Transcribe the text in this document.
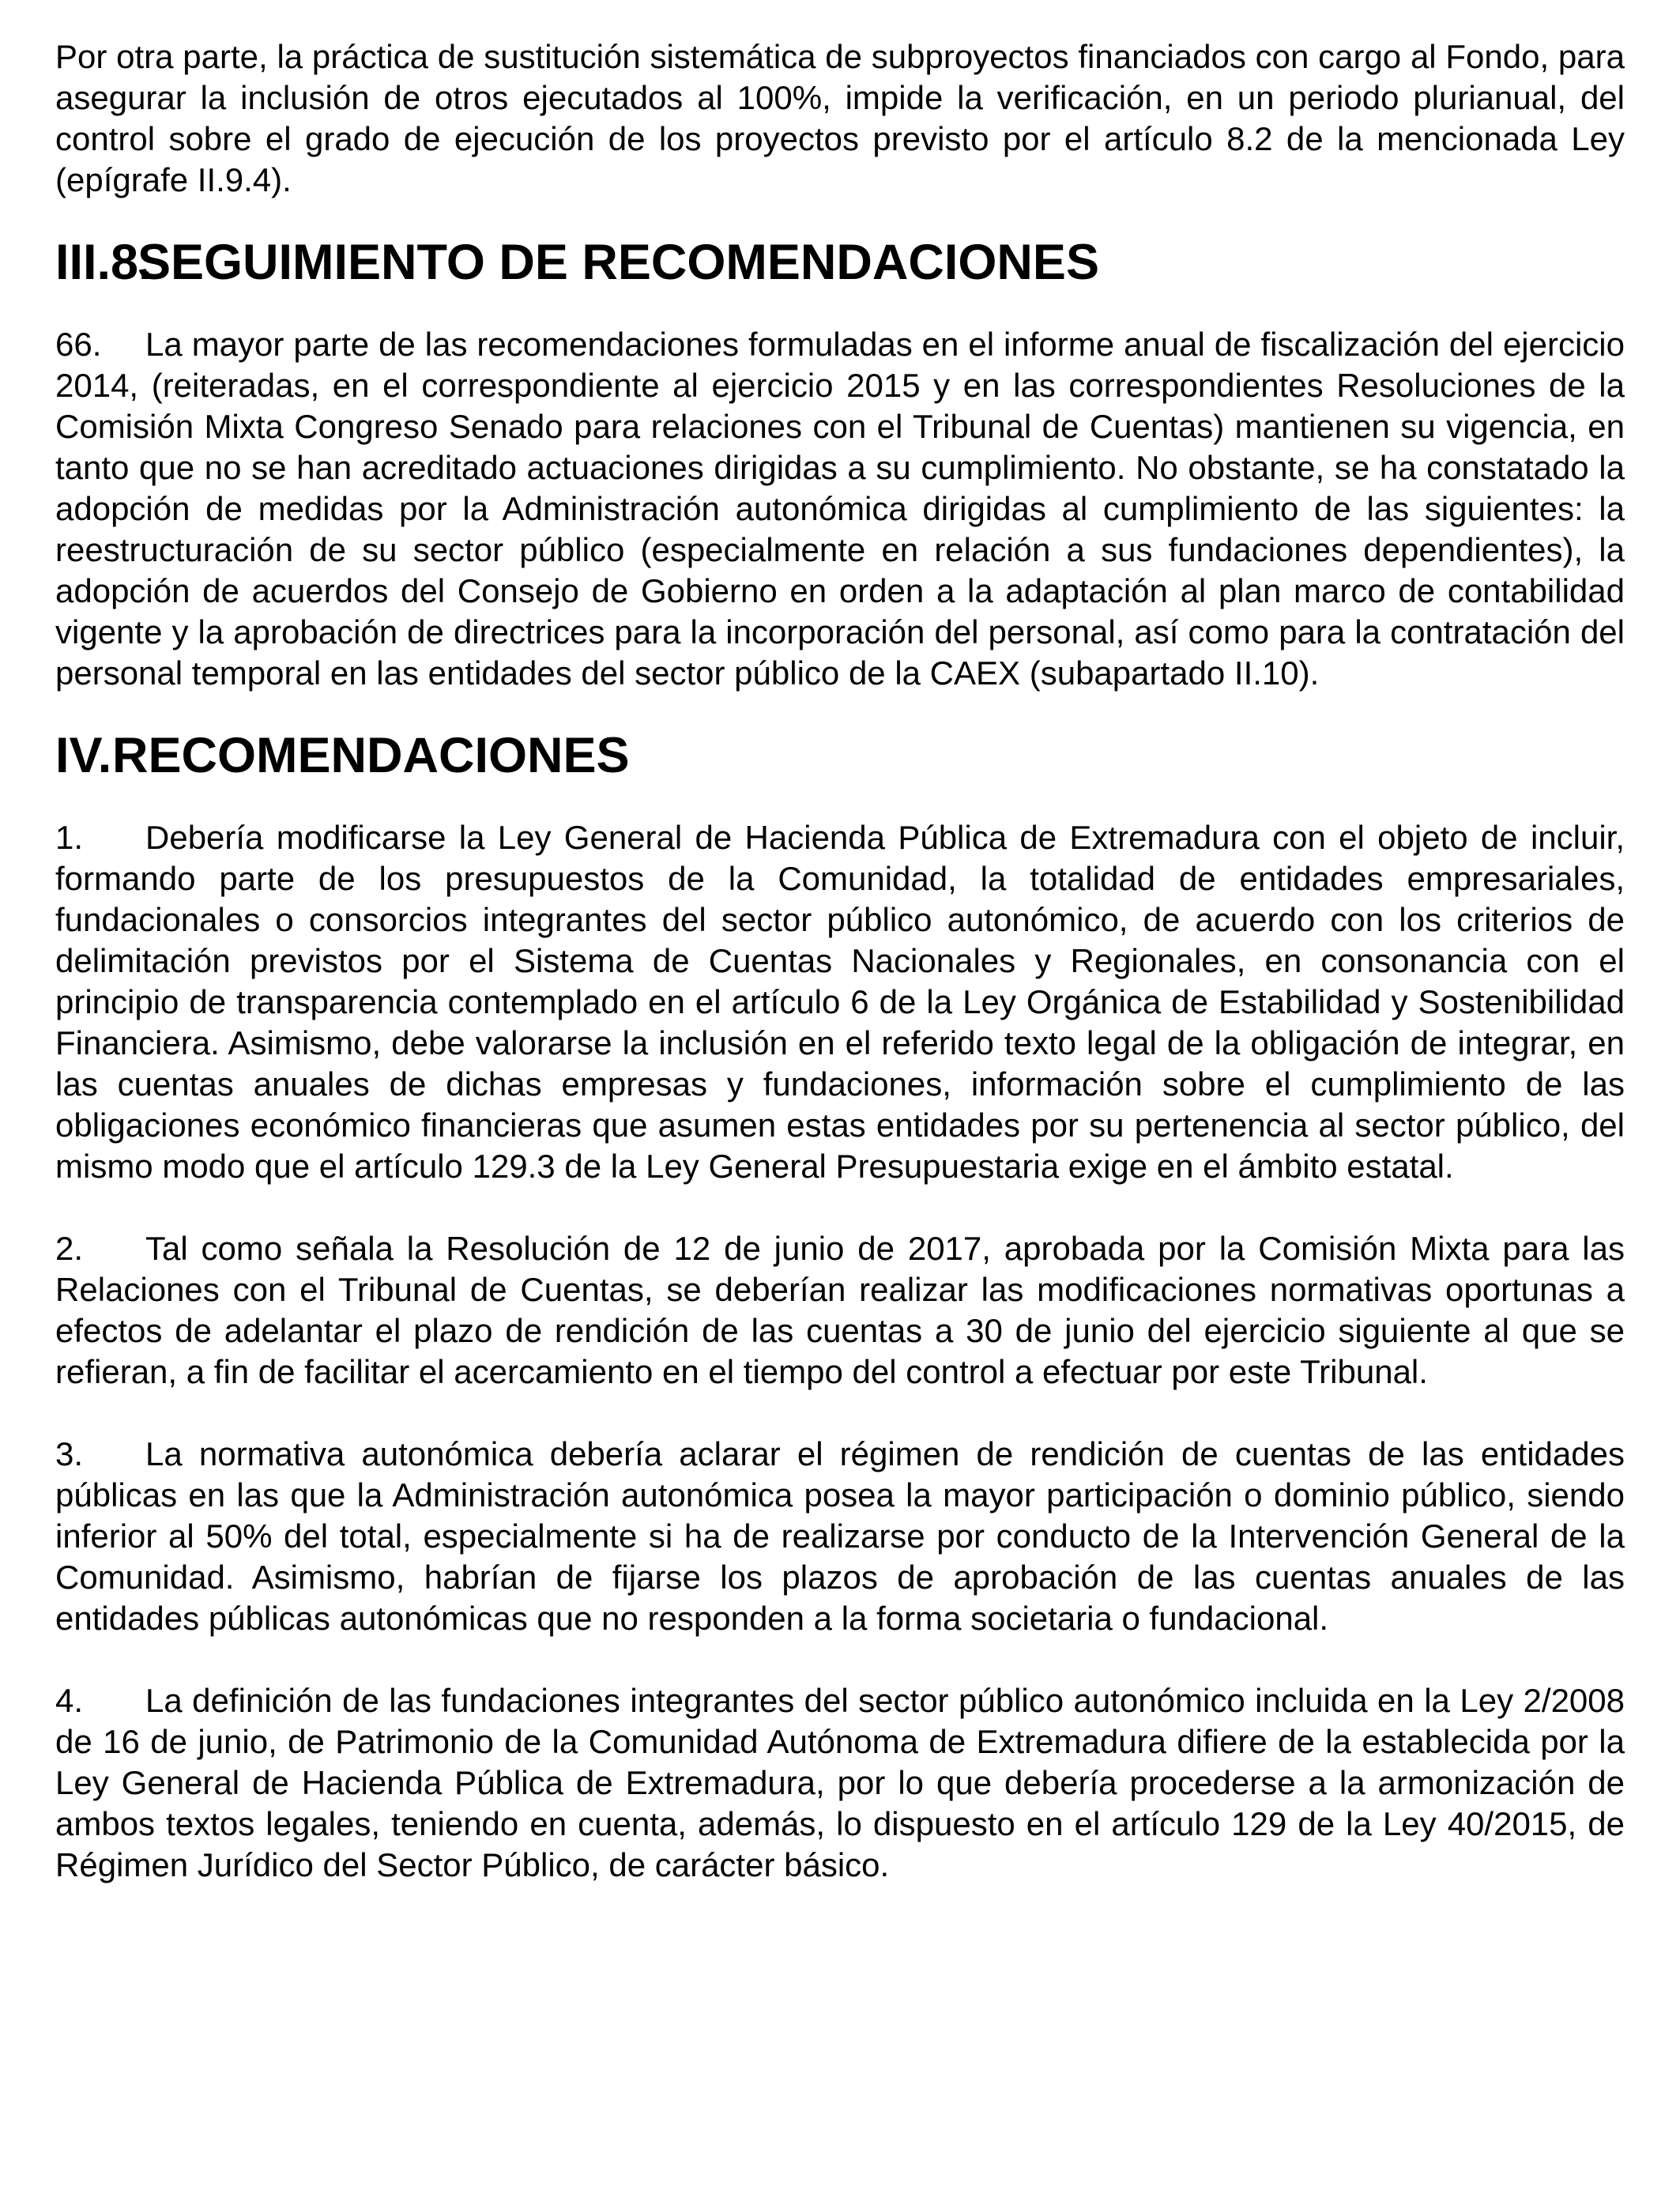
Por otra parte, la práctica de sustitución sistemática de subproyectos financiados con cargo al Fondo, para asegurar la inclusión de otros ejecutados al 100%, impide la verificación, en un periodo plurianual, del control sobre el grado de ejecución de los proyectos previsto por el artículo 8.2 de la mencionada Ley (epígrafe II.9.4).

III.8.
SEGUIMIENTO DE RECOMENDACIONES

66. La mayor parte de las recomendaciones formuladas en el informe anual de fiscalización del ejercicio 2014, (reiteradas, en el correspondiente al ejercicio 2015 y en las correspondientes Resoluciones de la Comisión Mixta Congreso Senado para relaciones con el Tribunal de Cuentas) mantienen su vigencia, en tanto que no se han acreditado actuaciones dirigidas a su cumplimiento. No obstante, se ha constatado la adopción de medidas por la Administración autonómica dirigidas al cumplimiento de las siguientes: la reestructuración de su sector público (especialmente en relación a sus fundaciones dependientes), la adopción de acuerdos del Consejo de Gobierno en orden a la adaptación al plan marco de contabilidad vigente y la aprobación de directrices para la incorporación del personal, así como para la contratación del personal temporal en las entidades del sector público de la CAEX (subapartado II.10).

IV. RECOMENDACIONES

1. Debería modificarse la Ley General de Hacienda Pública de Extremadura con el objeto de incluir, formando parte de los presupuestos de la Comunidad, la totalidad de entidades empresariales, fundacionales o consorcios integrantes del sector público autonómico, de acuerdo con los criterios de delimitación previstos por el Sistema de Cuentas Nacionales y Regionales, en consonancia con el principio de transparencia contemplado en el artículo 6 de la Ley Orgánica de Estabilidad y Sostenibilidad Financiera. Asimismo, debe valorarse la inclusión en el referido texto legal de la obligación de integrar, en las cuentas anuales de dichas empresas y fundaciones, información sobre el cumplimiento de las obligaciones económico financieras que asumen estas entidades por su pertenencia al sector público, del mismo modo que el artículo 129.3 de la Ley General Presupuestaria exige en el ámbito estatal.

2. Tal como señala la Resolución de 12 de junio de 2017, aprobada por la Comisión Mixta para las Relaciones con el Tribunal de Cuentas, se deberían realizar las modificaciones normativas oportunas a efectos de adelantar el plazo de rendición de las cuentas a 30 de junio del ejercicio siguiente al que se refieran, a fin de facilitar el acercamiento en el tiempo del control a efectuar por este Tribunal.

3. La normativa autonómica debería aclarar el régimen de rendición de cuentas de las entidades públicas en las que la Administración autonómica posea la mayor participación o dominio público, siendo inferior al 50% del total, especialmente si ha de realizarse por conducto de la Intervención General de la Comunidad. Asimismo, habrían de fijarse los plazos de aprobación de las cuentas anuales de las entidades públicas autonómicas que no responden a la forma societaria o fundacional.

4. La definición de las fundaciones integrantes del sector público autonómico incluida en la Ley 2/2008 de 16 de junio, de Patrimonio de la Comunidad Autónoma de Extremadura difiere de la establecida por la Ley General de Hacienda Pública de Extremadura, por lo que debería procederse a la armonización de ambos textos legales, teniendo en cuenta, además, lo dispuesto en el artículo 129 de la Ley 40/2015, de Régimen Jurídico del Sector Público, de carácter básico.
